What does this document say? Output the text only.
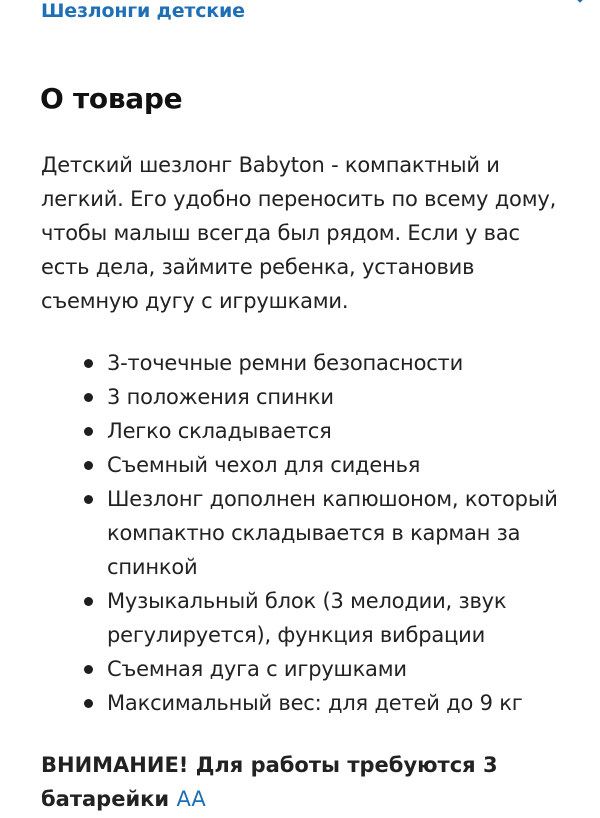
Шезлонги детские
О товаре

Детский шезлонг Babyton - компактный и легкий. Его удобно переносить по всему дому, чтобы малыш всегда был рядом. Если у вас есть дела, займите ребенка, установив съемную дугу с игрушками.

3-точечные ремни безопасности
3 положения спинки
Легко складывается
Съемный чехол для сиденья
Шезлонг дополнен капюшоном, который компактно складывается в карман за спинкой
Музыкальный блок (3 мелодии, звук регулируется), функция вибрации
Съемная дуга с игрушками
Максимальный вес: для детей до 9 кг

ВНИМАНИЕ! Для работы требуются 3 батарейки AA
